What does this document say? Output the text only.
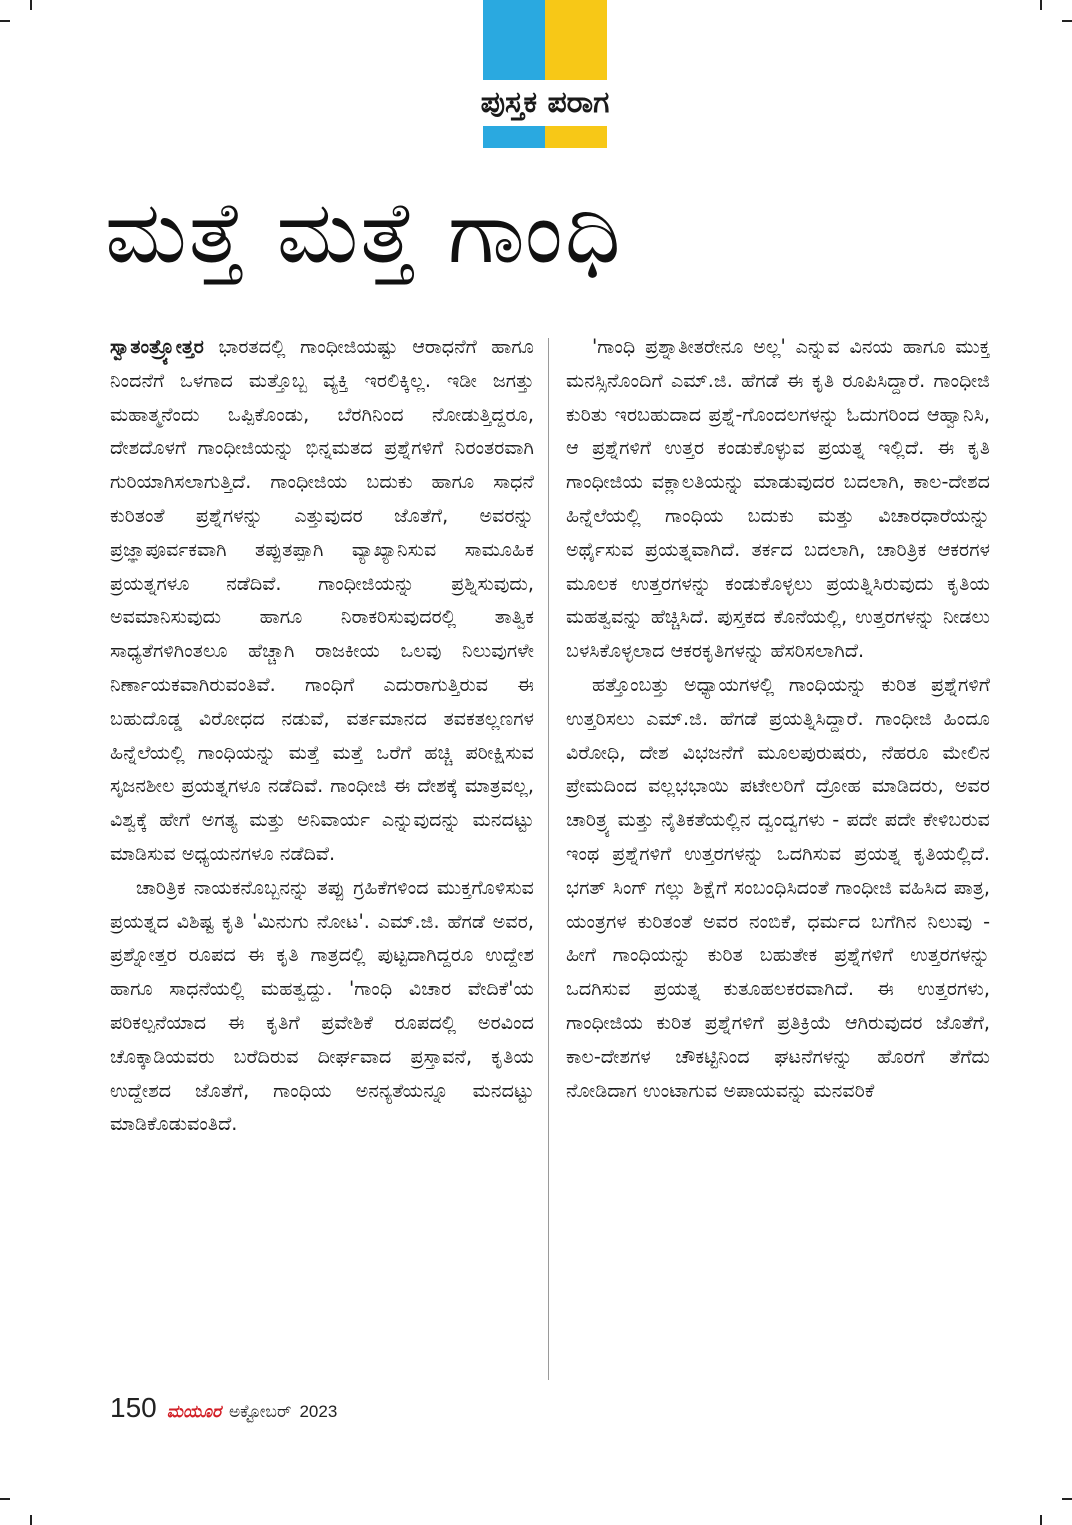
ಪುಸ್ತಕ ಪರಾಗ
ಮತ್ತೆ ಮತ್ತೆ ಗಾಂಧಿ

ಸ್ವಾತಂತ್ರ್ಯೋತ್ತರ ಭಾರತದಲ್ಲಿ ಗಾಂಧೀಜಿಯಷ್ಟು ಆರಾಧನೆಗೆ ಹಾಗೂ ನಿಂದನೆಗೆ ಒಳಗಾದ ಮತ್ತೊಬ್ಬ ವ್ಯಕ್ತಿ ಇರಲಿಕ್ಕಿಲ್ಲ. ಇಡೀ ಜಗತ್ತು ಮಹಾತ್ಮನೆಂದು ಒಪ್ಪಿಕೊಂಡು, ಬೆರಗಿನಿಂದ ನೋಡುತ್ತಿದ್ದರೂ, ದೇಶದೊಳಗೆ ಗಾಂಧೀಜಿಯನ್ನು ಭಿನ್ನಮತದ ಪ್ರಶ್ನೆಗಳಿಗೆ ನಿರಂತರವಾಗಿ ಗುರಿಯಾಗಿಸಲಾಗುತ್ತಿದೆ. ಗಾಂಧೀಜಿಯ ಬದುಕು ಹಾಗೂ ಸಾಧನೆ ಕುರಿತಂತೆ ಪ್ರಶ್ನೆಗಳನ್ನು ಎತ್ತುವುದರ ಜೊತೆಗೆ, ಅವರನ್ನು ಪ್ರಜ್ಞಾಪೂರ್ವಕವಾಗಿ ತಪ್ಪುತಪ್ಪಾಗಿ ವ್ಯಾಖ್ಯಾನಿಸುವ ಸಾಮೂಹಿಕ ಪ್ರಯತ್ನಗಳೂ ನಡೆದಿವೆ. ಗಾಂಧೀಜಿಯನ್ನು ಪ್ರಶ್ನಿಸುವುದು, ಅವಮಾನಿಸುವುದು ಹಾಗೂ ನಿರಾಕರಿಸುವುದರಲ್ಲಿ ತಾತ್ವಿಕ ಸಾಧ್ಯತೆಗಳಿಗಿಂತಲೂ ಹೆಚ್ಚಾಗಿ ರಾಜಕೀಯ ಒಲವು ನಿಲುವುಗಳೇ ನಿರ್ಣಾಯಕವಾಗಿರುವಂತಿವೆ. ಗಾಂಧಿಗೆ ಎದುರಾಗುತ್ತಿರುವ ಈ ಬಹುದೊಡ್ಡ ವಿರೋಧದ ನಡುವೆ, ವರ್ತಮಾನದ ತವಕತಲ್ಲಣಗಳ ಹಿನ್ನೆಲೆಯಲ್ಲಿ ಗಾಂಧಿಯನ್ನು ಮತ್ತೆ ಮತ್ತೆ ಒರೆಗೆ ಹಚ್ಚಿ ಪರೀಕ್ಷಿಸುವ ಸೃಜನಶೀಲ ಪ್ರಯತ್ನಗಳೂ ನಡೆದಿವೆ. ಗಾಂಧೀಜಿ ಈ ದೇಶಕ್ಕೆ ಮಾತ್ರವಲ್ಲ, ವಿಶ್ವಕ್ಕೆ ಹೇಗೆ ಅಗತ್ಯ ಮತ್ತು ಅನಿವಾರ್ಯ ಎನ್ನುವುದನ್ನು ಮನದಟ್ಟು ಮಾಡಿಸುವ ಅಧ್ಯಯನಗಳೂ ನಡೆದಿವೆ.

ಚಾರಿತ್ರಿಕ ನಾಯಕನೊಬ್ಬನನ್ನು ತಪ್ಪು ಗ್ರಹಿಕೆಗಳಿಂದ ಮುಕ್ತಗೊಳಿಸುವ ಪ್ರಯತ್ನದ ವಿಶಿಷ್ಟ ಕೃತಿ 'ಮಿನುಗು ನೋಟ'. ಎಮ್.ಜಿ. ಹೆಗಡೆ ಅವರ, ಪ್ರಶ್ನೋತ್ತರ ರೂಪದ ಈ ಕೃತಿ ಗಾತ್ರದಲ್ಲಿ ಪುಟ್ಟದಾಗಿದ್ದರೂ ಉದ್ದೇಶ ಹಾಗೂ ಸಾಧನೆಯಲ್ಲಿ ಮಹತ್ವದ್ದು. 'ಗಾಂಧಿ ವಿಚಾರ ವೇದಿಕೆ'ಯ ಪರಿಕಲ್ಪನೆಯಾದ ಈ ಕೃತಿಗೆ ಪ್ರವೇಶಿಕೆ ರೂಪದಲ್ಲಿ ಅರವಿಂದ ಚೊಕ್ಕಾಡಿಯವರು ಬರೆದಿರುವ ದೀರ್ಘವಾದ ಪ್ರಸ್ತಾವನೆ, ಕೃತಿಯ ಉದ್ದೇಶದ ಜೊತೆಗೆ, ಗಾಂಧಿಯ ಅನನ್ಯತೆಯನ್ನೂ ಮನದಟ್ಟು ಮಾಡಿಕೊಡುವಂತಿದೆ.

'ಗಾಂಧಿ ಪ್ರಶ್ನಾತೀತರೇನೂ ಅಲ್ಲ' ಎನ್ನುವ ವಿನಯ ಹಾಗೂ ಮುಕ್ತ ಮನಸ್ಸಿನೊಂದಿಗೆ ಎಮ್.ಜಿ. ಹೆಗಡೆ ಈ ಕೃತಿ ರೂಪಿಸಿದ್ದಾರೆ. ಗಾಂಧೀಜಿ ಕುರಿತು ಇರಬಹುದಾದ ಪ್ರಶ್ನೆ-ಗೊಂದಲಗಳನ್ನು ಓದುಗರಿಂದ ಆಹ್ವಾನಿಸಿ, ಆ ಪ್ರಶ್ನೆಗಳಿಗೆ ಉತ್ತರ ಕಂಡುಕೊಳ್ಳುವ ಪ್ರಯತ್ನ ಇಲ್ಲಿದೆ. ಈ ಕೃತಿ ಗಾಂಧೀಜಿಯ ವಕ್ಲಾಲತಿಯನ್ನು ಮಾಡುವುದರ ಬದಲಾಗಿ, ಕಾಲ-ದೇಶದ ಹಿನ್ನೆಲೆಯಲ್ಲಿ ಗಾಂಧಿಯ ಬದುಕು ಮತ್ತು ವಿಚಾರಧಾರೆಯನ್ನು ಅರ್ಥೈಸುವ ಪ್ರಯತ್ನವಾಗಿದೆ. ತರ್ಕದ ಬದಲಾಗಿ, ಚಾರಿತ್ರಿಕ ಆಕರಗಳ ಮೂಲಕ ಉತ್ತರಗಳನ್ನು ಕಂಡುಕೊಳ್ಳಲು ಪ್ರಯತ್ನಿಸಿರುವುದು ಕೃತಿಯ ಮಹತ್ವವನ್ನು ಹೆಚ್ಚಿಸಿದೆ. ಪುಸ್ತಕದ ಕೊನೆಯಲ್ಲಿ, ಉತ್ತರಗಳನ್ನು ನೀಡಲು ಬಳಸಿಕೊಳ್ಳಲಾದ ಆಕರಕೃತಿಗಳನ್ನು ಹೆಸರಿಸಲಾಗಿದೆ.

ಹತ್ತೊಂಬತ್ತು ಅಧ್ಯಾಯಗಳಲ್ಲಿ ಗಾಂಧಿಯನ್ನು ಕುರಿತ ಪ್ರಶ್ನೆಗಳಿಗೆ ಉತ್ತರಿಸಲು ಎಮ್.ಜಿ. ಹೆಗಡೆ ಪ್ರಯತ್ನಿಸಿದ್ದಾರೆ. ಗಾಂಧೀಜಿ ಹಿಂದೂ ವಿರೋಧಿ, ದೇಶ ವಿಭಜನೆಗೆ ಮೂಲಪುರುಷರು, ನೆಹರೂ ಮೇಲಿನ ಪ್ರೇಮದಿಂದ ವಲ್ಲಭಭಾಯಿ ಪಟೇಲರಿಗೆ ದ್ರೋಹ ಮಾಡಿದರು, ಅವರ ಚಾರಿತ್ರ್ಯ ಮತ್ತು ನೈತಿಕತೆಯಲ್ಲಿನ ದ್ವಂದ್ವಗಳು - ಪದೇ ಪದೇ ಕೇಳಿಬರುವ ಇಂಥ ಪ್ರಶ್ನೆಗಳಿಗೆ ಉತ್ತರಗಳನ್ನು ಒದಗಿಸುವ ಪ್ರಯತ್ನ ಕೃತಿಯಲ್ಲಿದೆ. ಭಗತ್ ಸಿಂಗ್ ಗಲ್ಲು ಶಿಕ್ಷೆಗೆ ಸಂಬಂಧಿಸಿದಂತೆ ಗಾಂಧೀಜಿ ವಹಿಸಿದ ಪಾತ್ರ, ಯಂತ್ರಗಳ ಕುರಿತಂತೆ ಅವರ ನಂಬಿಕೆ, ಧರ್ಮದ ಬಗೆಗಿನ ನಿಲುವು - ಹೀಗೆ ಗಾಂಧಿಯನ್ನು ಕುರಿತ ಬಹುತೇಕ ಪ್ರಶ್ನೆಗಳಿಗೆ ಉತ್ತರಗಳನ್ನು ಒದಗಿಸುವ ಪ್ರಯತ್ನ ಕುತೂಹಲಕರವಾಗಿದೆ. ಈ ಉತ್ತರಗಳು, ಗಾಂಧೀಜಿಯ ಕುರಿತ ಪ್ರಶ್ನೆಗಳಿಗೆ ಪ್ರತಿಕ್ರಿಯೆ ಆಗಿರುವುದರ ಜೊತೆಗೆ, ಕಾಲ-ದೇಶಗಳ ಚೌಕಟ್ಟಿನಿಂದ ಘಟನೆಗಳನ್ನು ಹೊರಗೆ ತೆಗೆದು ನೋಡಿದಾಗ ಉಂಟಾಗುವ ಅಪಾಯವನ್ನು ಮನವರಿಕೆ

150 ಮಯೂರ ಅಕ್ಟೋಬರ್ 2023
